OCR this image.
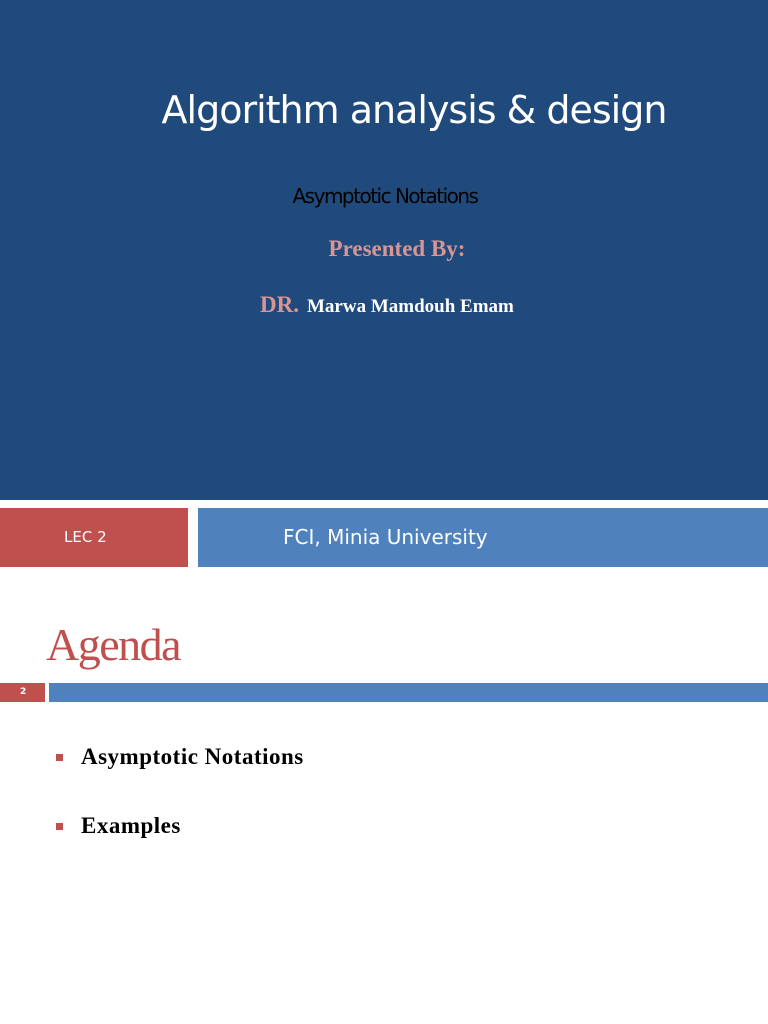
Algorithm analysis & design
Asymptotic Notations
Presented By:
DR. Marwa Mamdouh Emam
LEC 2	FCI, Minia University
Agenda
2
Asymptotic Notations
Examples
